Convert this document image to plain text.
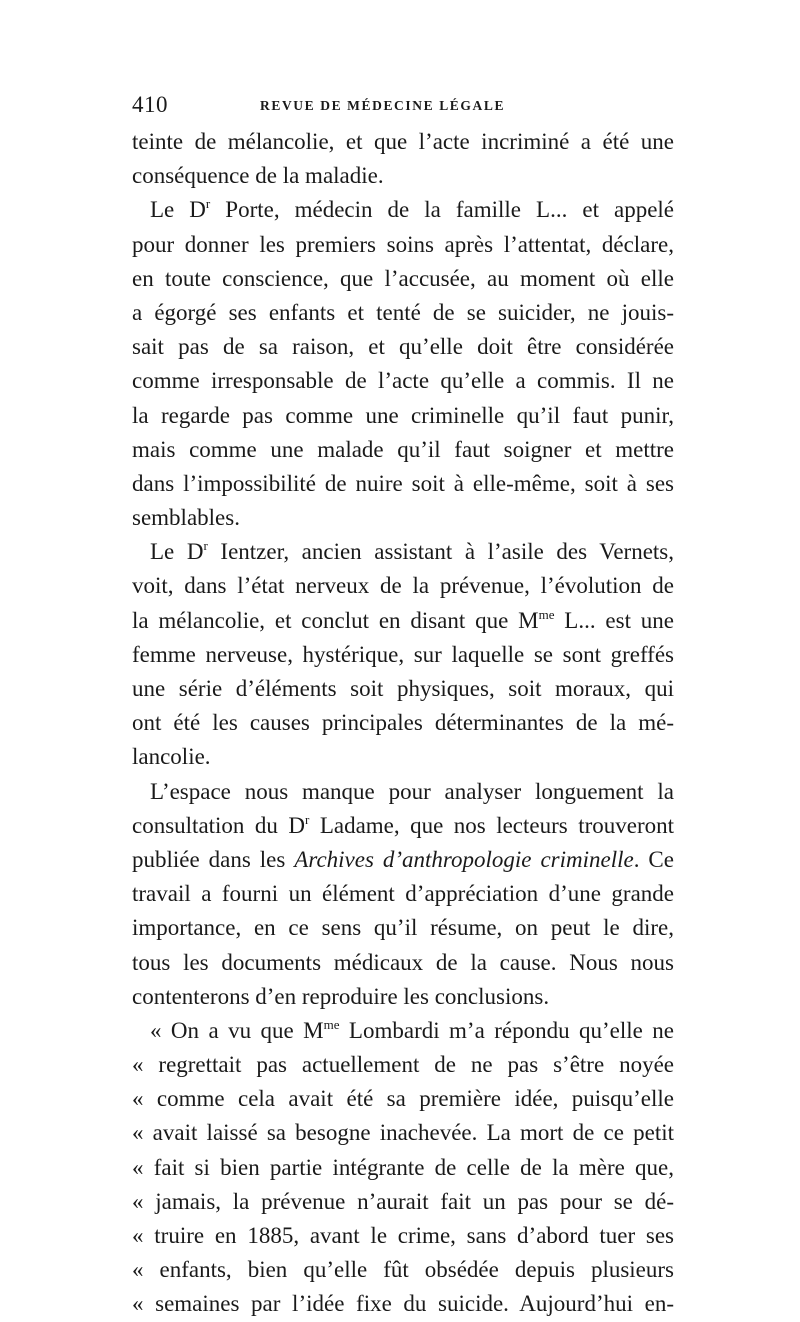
410	REVUE DE MÉDECINE LÉGALE
teinte de mélancolie, et que l’acte incriminé a été une
conséquence de la maladie.
Le $D^r$ Porte, médecin de la famille L... et appelé
pour donner les premiers soins après l’attentat, déclare,
en toute conscience, que l’accusée, au moment où elle
a égorgé ses enfants et tenté de se suicider, ne jouis-
sait pas de sa raison, et qu’elle doit être considérée
comme irresponsable de l’acte qu’elle a commis. Il ne
la regarde pas comme une criminelle qu’il faut punir,
mais comme une malade qu’il faut soigner et mettre
dans l’impossibilité de nuire soit à elle-même, soit à ses
semblables.
Le $D^r$ Ientzer, ancien assistant à l’asile des Vernets,
voit, dans l’état nerveux de la prévenue, l’évolution de
la mélancolie, et conclut en disant que $M^{me}$ L... est une
femme nerveuse, hystérique, sur laquelle se sont greffés
une série d’éléments soit physiques, soit moraux, qui
ont été les causes principales déterminantes de la mé-
lancolie.
L’espace nous manque pour analyser longuement la
consultation du $D^r$ Ladame, que nos lecteurs trouveront
publiée dans les Archives d’anthropologie criminelle. Ce
travail a fourni un élément d’appréciation d’une grande
importance, en ce sens qu’il résume, on peut le dire,
tous les documents médicaux de la cause. Nous nous
contenterons d’en reproduire les conclusions.
« On a vu que $M^{me}$ Lombardi m’a répondu qu’elle ne
« regrettait pas actuellement de ne pas s’être noyée
« comme cela avait été sa première idée, puisqu’elle
« avait laissé sa besogne inachevée. La mort de ce petit
« fait si bien partie intégrante de celle de la mère que,
« jamais, la prévenue n’aurait fait un pas pour se dé-
« truire en 1885, avant le crime, sans d’abord tuer ses
« enfants, bien qu’elle fût obsédée depuis plusieurs
« semaines par l’idée fixe du suicide. Aujourd’hui en-
